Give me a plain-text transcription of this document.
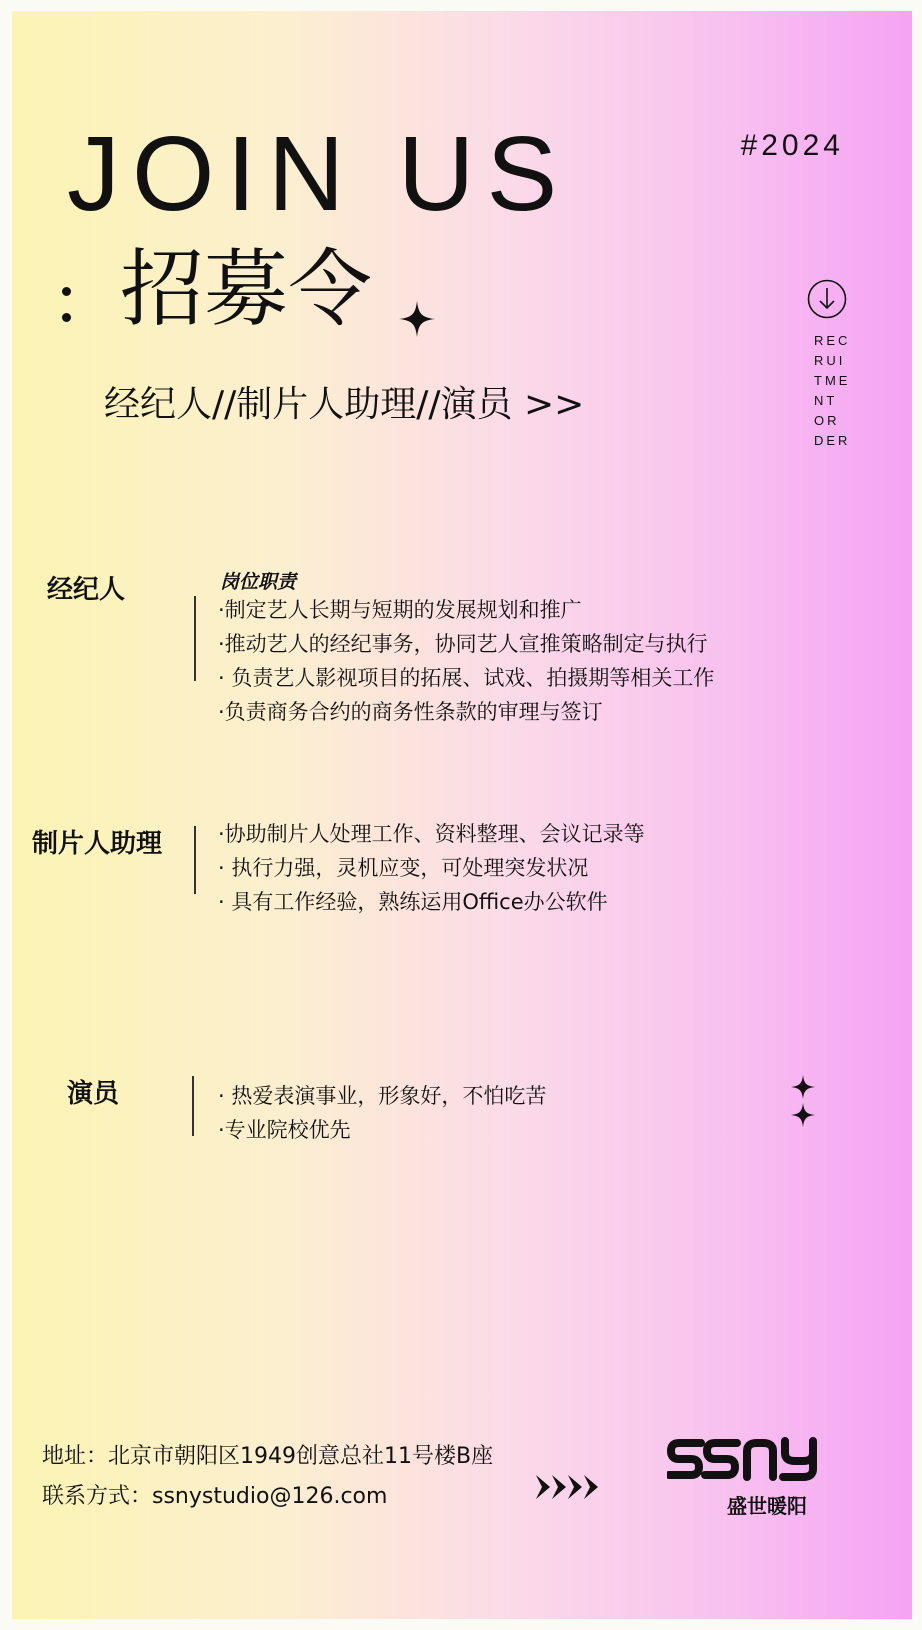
JOIN US	#2024
招募令
经纪人//制片人助理//演员 >>
REC
RUI
TME
NT
OR
DER
经纪人	岗位职责
·制定艺人长期与短期的发展规划和推广
·推动艺人的经纪事务，协同艺人宣推策略制定与执行
· 负责艺人影视项目的拓展、试戏、拍摄期等相关工作
·负责商务合约的商务性条款的审理与签订
制片人助理	·协助制片人处理工作、资料整理、会议记录等
· 执行力强，灵机应变，可处理突发状况
· 具有工作经验，熟练运用Office办公软件
演员	· 热爱表演事业，形象好，不怕吃苦
·专业院校优先
地址：北京市朝阳区1949创意总社11号楼B座
联系方式：ssnystudio@126.com	盛世暖阳
